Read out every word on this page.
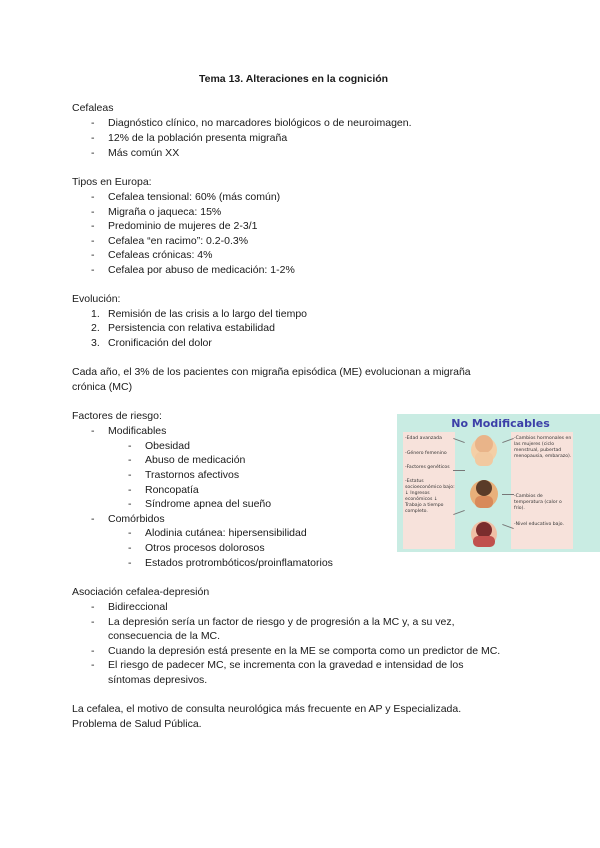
Tema 13. Alteraciones en la cognición
Cefaleas
- Diagnóstico clínico, no marcadores biológicos o de neuroimagen.
- 12% de la población presenta migraña
- Más común XX
Tipos en Europa:
- Cefalea tensional: 60% (más común)
- Migraña o jaqueca: 15%
- Predominio de mujeres de 2-3/1
- Cefalea “en racimo”: 0.2-0.3%
- Cefaleas crónicas: 4%
- Cefalea por abuso de medicación: 1-2%
Evolución:
1. Remisión de las crisis a lo largo del tiempo
2. Persistencia con relativa estabilidad
3. Cronificación del dolor
Cada año, el 3% de los pacientes con migraña episódica (ME) evolucionan a migraña
crónica (MC)
Factores de riesgo:
- Modificables
- Obesidad
- Abuso de medicación
- Trastornos afectivos
- Roncopatía
- Síndrome apnea del sueño
- Comórbidos
- Alodinia cutánea: hipersensibilidad
- Otros procesos dolorosos
- Estados protrombóticos/proinflamatorios
No Modificables
-Edad avanzada
-Género femenino
-Factores genéticos
-Estatus socioeconómico bajo: ↓ Ingresos económicos ↓ Trabajo a tiempo completo.
-Cambios hormonales en las mujeres (ciclo menstrual, pubertad menopausia, embarazo).
-Cambios de temperatura (calor o frío).
-Nivel educativo bajo.
Asociación cefalea-depresión
- Bidireccional
- La depresión sería un factor de riesgo y de progresión a la MC y, a su vez,
consecuencia de la MC.
- Cuando la depresión está presente en la ME se comporta como un predictor de MC.
- El riesgo de padecer MC, se incrementa con la gravedad e intensidad de los
síntomas depresivos.
La cefalea, el motivo de consulta neurológica más frecuente en AP y Especializada.
Problema de Salud Pública.
